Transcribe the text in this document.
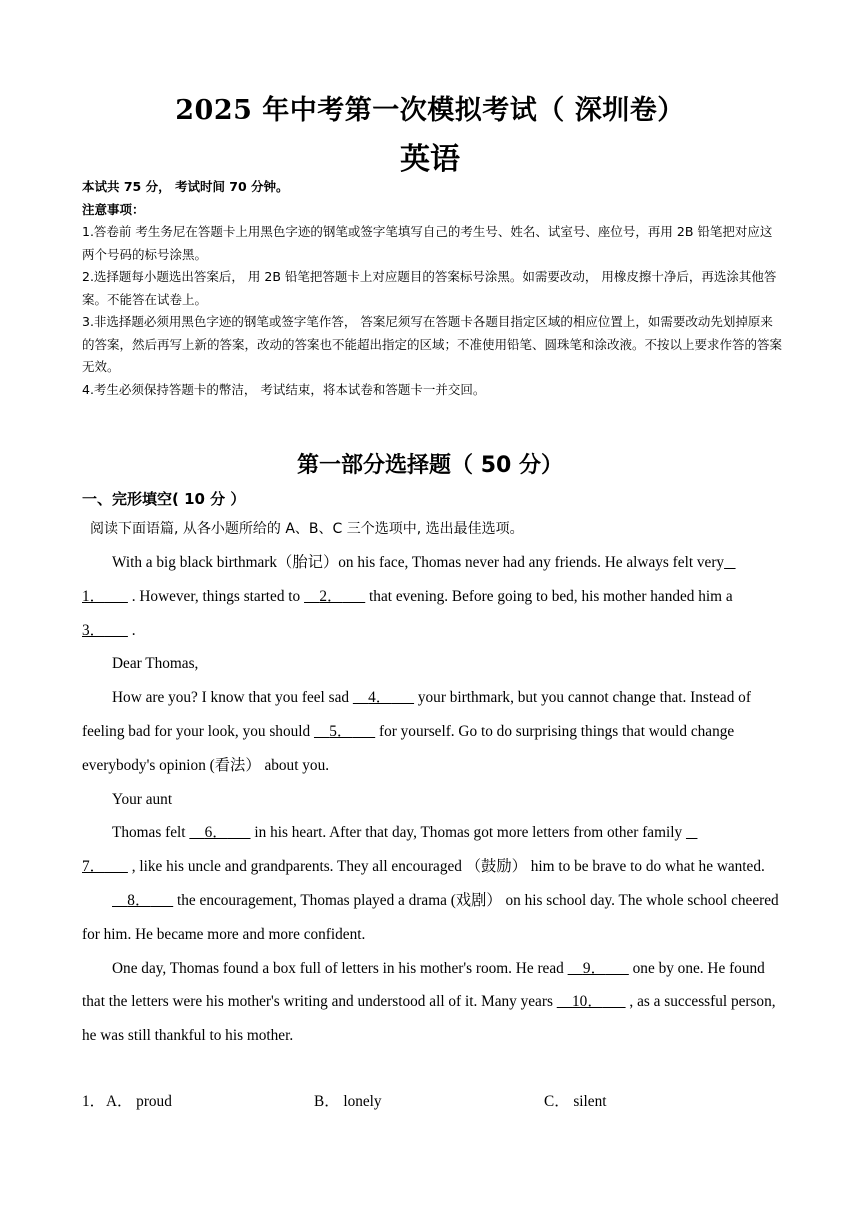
2025 年中考第一次模拟考试（ 深圳卷）
英语
本试共 75 分， 考试时间 70 分钟。
注意事项：
1.答卷前 考生务尼在答题卡上用黑色字迹的钢笔或签字笔填写自己的考生号、姓名、试室号、座位号，再用 2B 铅笔把对应这两个号码的标号涂黑。
2.选择题每小题选出答案后， 用 2B 铅笔把答题卡上对应题目的答案标号涂黑。如需要改动， 用橡皮擦十净后，再选涂其他答案。不能答在试卷上。
3.非选择题必须用黑色字迹的钢笔或签字笔作答， 答案尼须写在答题卡各题目指定区域的相应位置上，如需要改动先划掉原来的答案，然后再写上新的答案，改动的答案也不能超出指定的区域；不准使用铅笔、圆珠笔和涂改液。不按以上要求作答的答案无效。
4.考生必须保持答题卡的幣洁， 考试结束，将本试卷和答题卡一并交回。
第一部分选择题（ 50 分）
一、完形填空( 10 分 ）
阅读下面语篇, 从各小题所给的 A、B、C 三个选项中, 选出最佳选项。

With a big black birthmark（胎记）on his face, Thomas never had any friends. He always felt very
1．       . However, things started to     2．       that evening. Before going to bed, his mother handed him a 3．       .

Dear Thomas,

How are you? I know that you feel sad     4．       your birthmark, but you cannot change that. Instead of feeling bad for your look, you should     5．       for yourself. Go to do surprising things that would change everybody's opinion (看法） about you.

Your aunt

Thomas felt     6．       in his heart. After that day, Thomas got more letters from other family
7．       , like his uncle and grandparents. They all encouraged （鼓励） him to be brave to do what he wanted.

8．       the encouragement, Thomas played a drama (戏剧） on his school day. The whole school cheered for him. He became more and more confident.

One day, Thomas found a box full of letters in his mother's room. He read     9．       one by one. He found that the letters were his mother's writing and understood all of it. Many years     10．       , as a successful person, he was still thankful to his mother.

1． A． proud	B． lonely	C． silent
